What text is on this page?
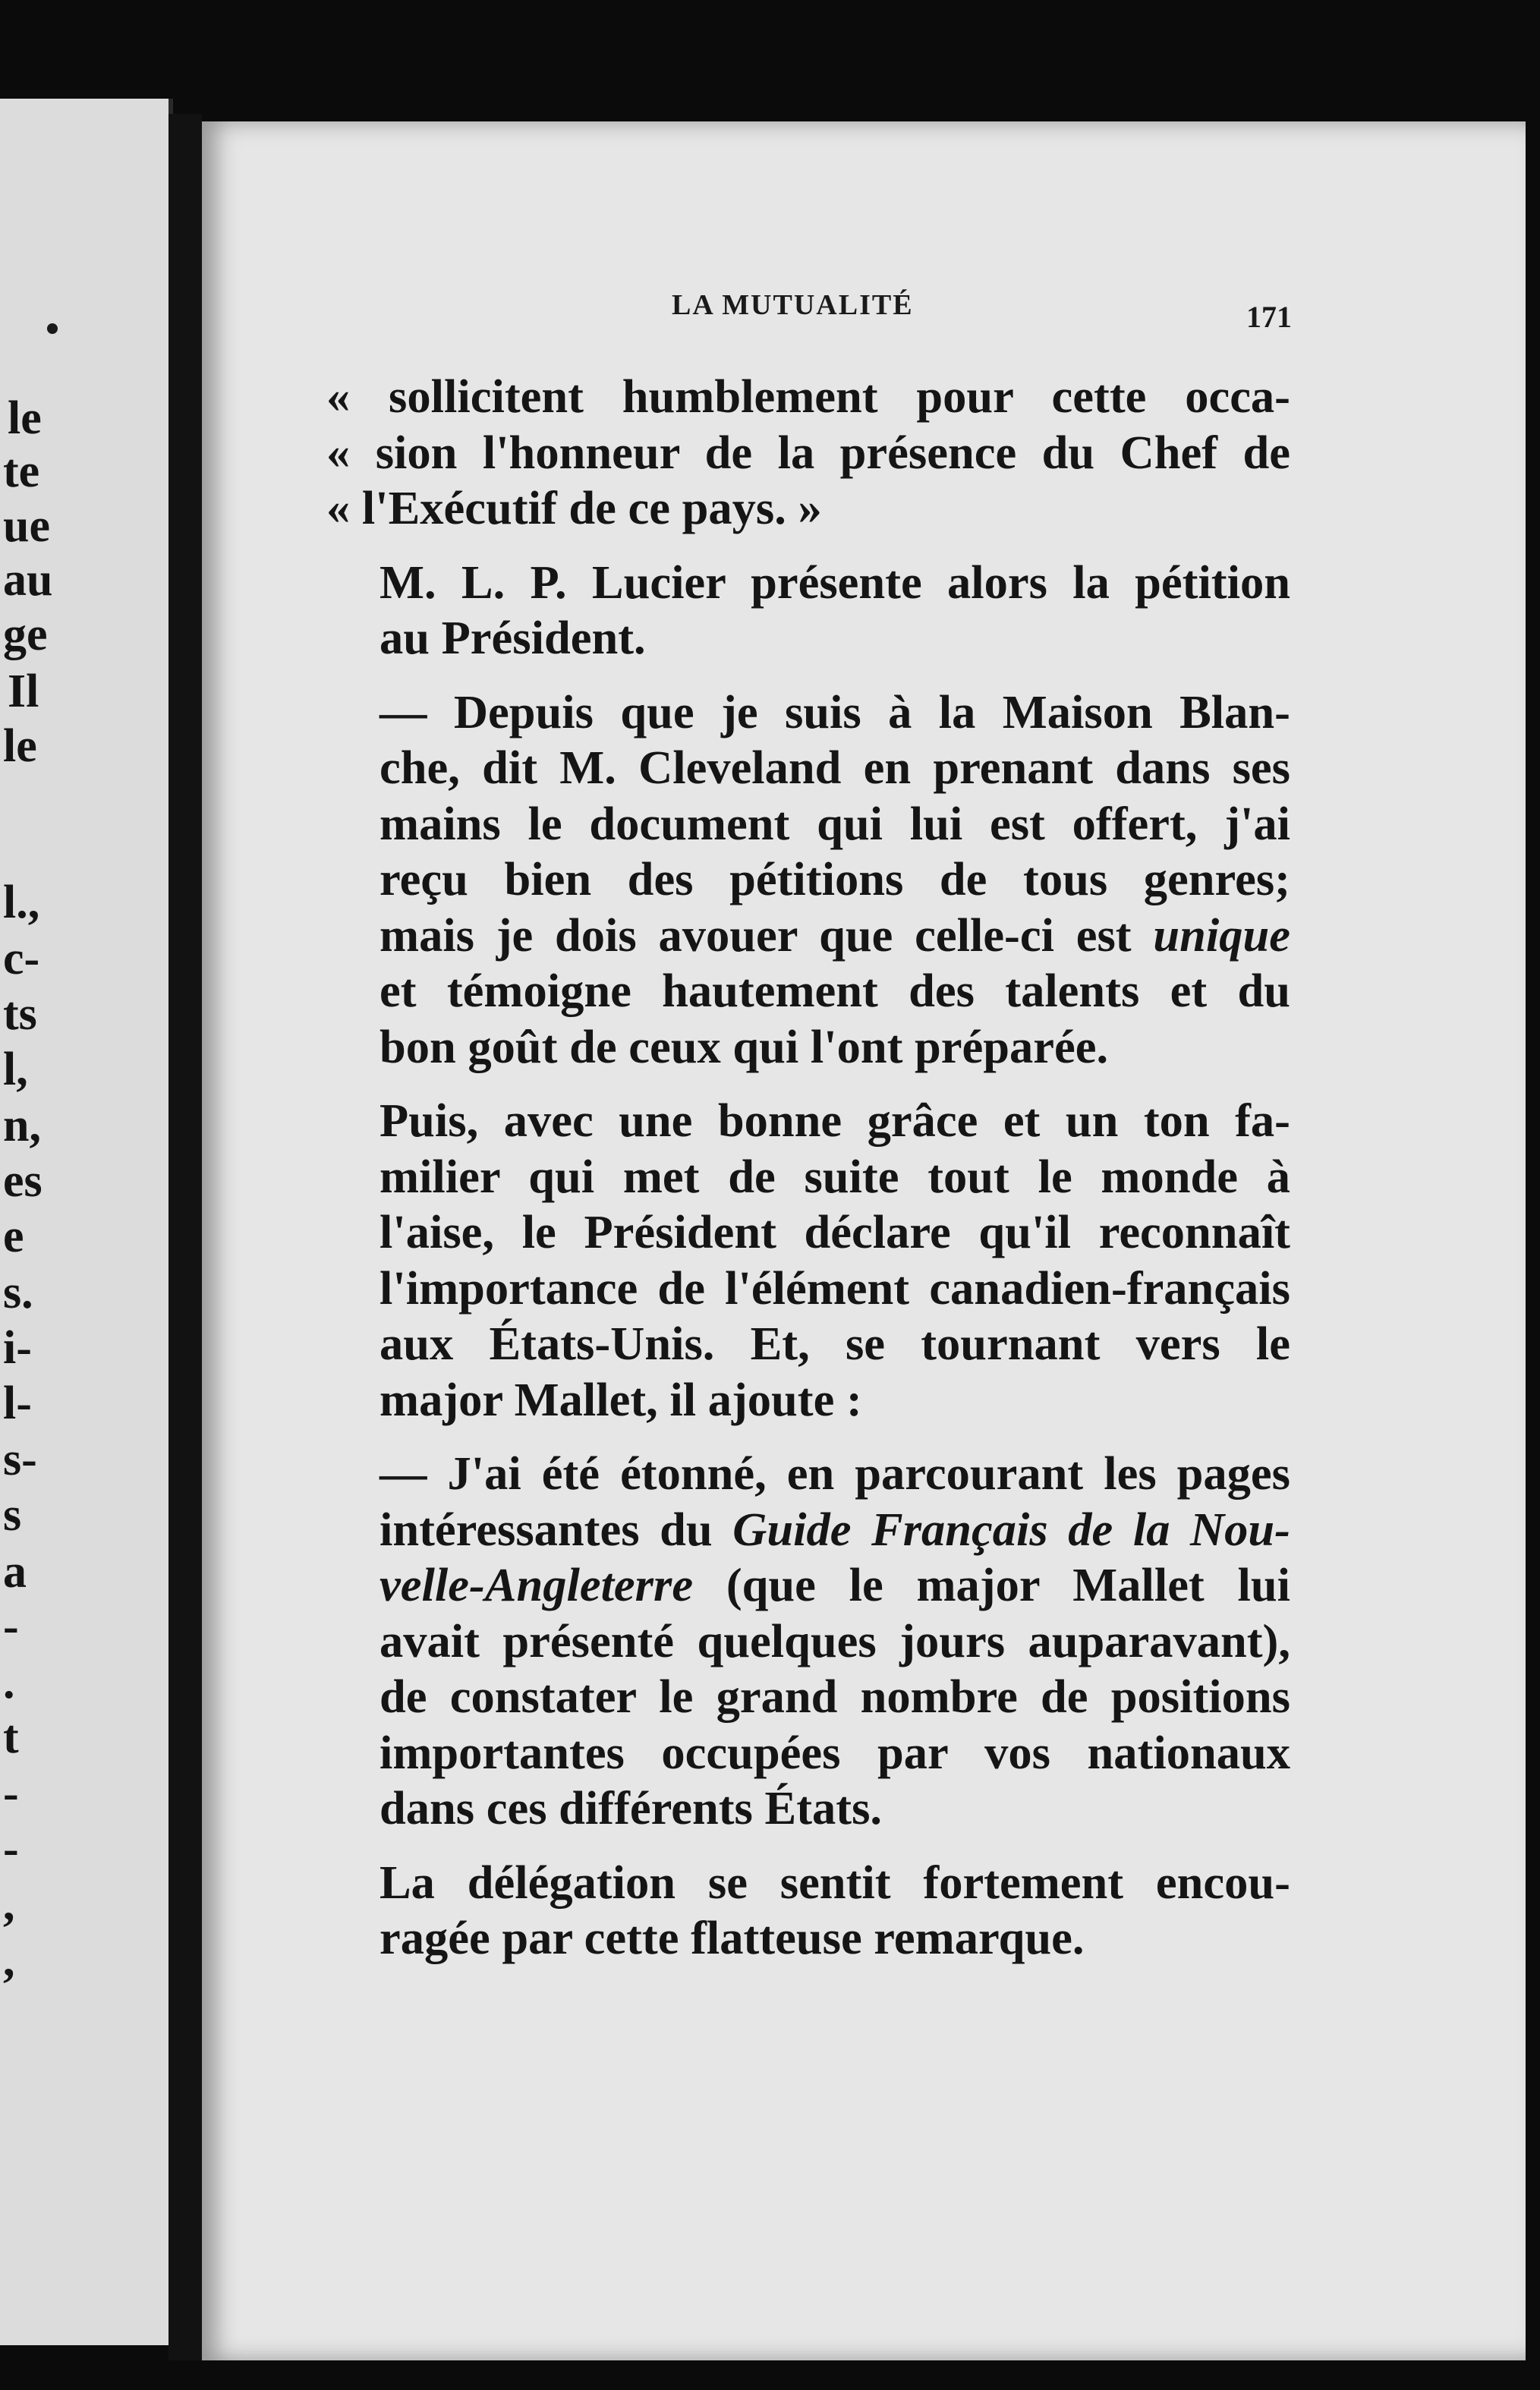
le
te
ue
au
ge
Il
le
l.,
c-
ts
l,
n,
es
e
s.
i-
l-
s-
s
a
-
.
t
-
-
,
,
LA MUTUALITÉ	171

« sollicitent humblement pour cette occa-
« sion l'honneur de la présence du Chef de
« l'Exécutif de ce pays. »

M. L. P. Lucier présente alors la pétition
au Président.

— Depuis que je suis à la Maison Blan-
che, dit M. Cleveland en prenant dans ses
mains le document qui lui est offert, j'ai
reçu bien des pétitions de tous genres;
mais je dois avouer que celle-ci est unique
et témoigne hautement des talents et du
bon goût de ceux qui l'ont préparée.

Puis, avec une bonne grâce et un ton fa-
milier qui met de suite tout le monde à
l'aise, le Président déclare qu'il reconnaît
l'importance de l'élément canadien-français
aux États-Unis. Et, se tournant vers le
major Mallet, il ajoute :

— J'ai été étonné, en parcourant les pages
intéressantes du Guide Français de la Nou-
velle-Angleterre (que le major Mallet lui
avait présenté quelques jours auparavant),
de constater le grand nombre de positions
importantes occupées par vos nationaux
dans ces différents États.

La délégation se sentit fortement encou-
ragée par cette flatteuse remarque.
